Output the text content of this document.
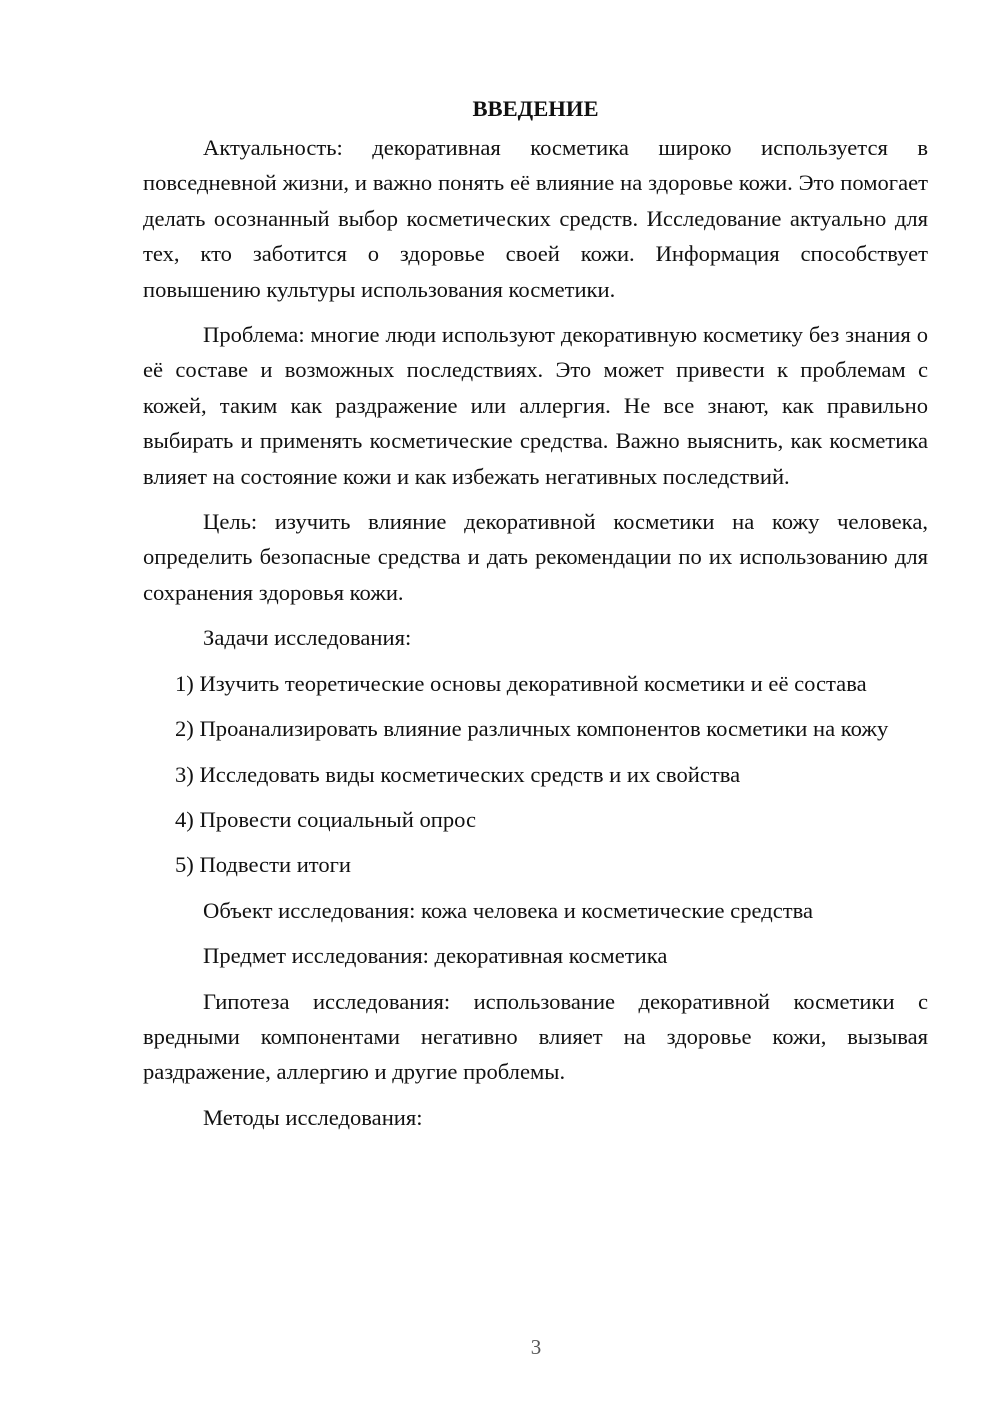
ВВЕДЕНИЕ

Актуальность: декоративная косметика широко используется в повседневной жизни, и важно понять её влияние на здоровье кожи. Это помогает делать осознанный выбор косметических средств. Исследование актуально для тех, кто заботится о здоровье своей кожи. Информация способствует повышению культуры использования косметики.

Проблема: многие люди используют декоративную косметику без знания о её составе и возможных последствиях. Это может привести к проблемам с кожей, таким как раздражение или аллергия. Не все знают, как правильно выбирать и применять косметические средства. Важно выяснить, как косметика влияет на состояние кожи и как избежать негативных последствий.

Цель: изучить влияние декоративной косметики на кожу человека, определить безопасные средства и дать рекомендации по их использованию для сохранения здоровья кожи.

Задачи исследования:

1) Изучить теоретические основы декоративной косметики и её состава

2) Проанализировать влияние различных компонентов косметики на кожу

3) Исследовать виды косметических средств и их свойства

4) Провести социальный опрос

5) Подвести итоги

Объект исследования: кожа человека и косметические средства

Предмет исследования: декоративная косметика

Гипотеза исследования: использование декоративной косметики с вредными компонентами негативно влияет на здоровье кожи, вызывая раздражение, аллергию и другие проблемы.

Методы исследования:

3
